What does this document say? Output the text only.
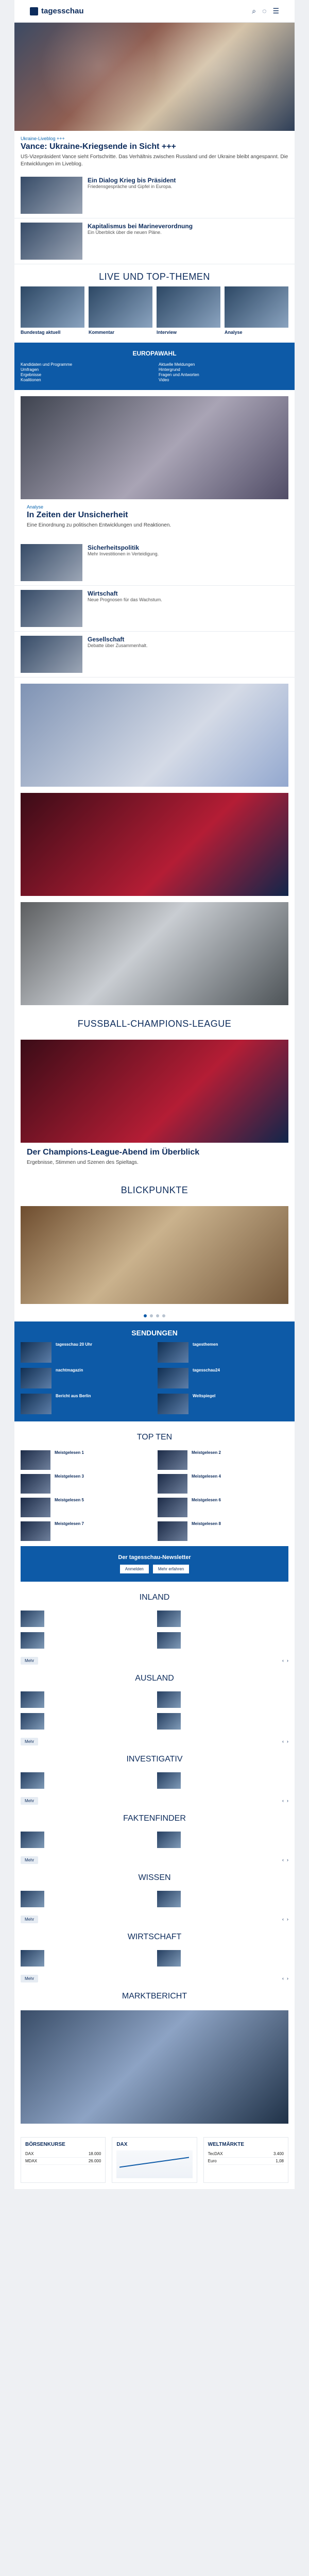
tagesschau	⌕ ◌ ☰
Ukraine-Liveblog +++
Vance: Ukraine-Kriegsende in Sicht +++
US-Vizepräsident Vance sieht Fortschritte. Das Verhältnis zwischen Russland und der Ukraine bleibt angespannt. Die Entwicklungen im Liveblog.
Ein Dialog Krieg bis Präsident
Friedensgespräche und Gipfel in Europa.
Kapitalismus bei Marineverordnung
Ein Überblick über die neuen Pläne.
LIVE UND TOP-THEMEN
Bundestag aktuell	Kommentar	Interview	Analyse
EUROPAWAHL
Kandidaten und Programme
Umfragen
Ergebnisse
Koalitionen
Aktuelle Meldungen
Hintergrund
Fragen und Antworten
Video
Analyse
In Zeiten der Unsicherheit
Eine Einordnung zu politischen Entwicklungen und Reaktionen.
Sicherheitspolitik
Mehr Investitionen in Verteidigung.
Wirtschaft
Neue Prognosen für das Wachstum.
Gesellschaft
Debatte über Zusammenhalt.
FUSSBALL-CHAMPIONS-LEAGUE
Der Champions-League-Abend im Überblick
Ergebnisse, Stimmen und Szenen des Spieltags.
BLICKPUNKTE
SENDUNGEN
tagesschau 20 Uhr	tagesthemen
nachtmagazin	tagesschau24
Bericht aus Berlin	Weltspiegel
TOP TEN
Meistgelesen 1	Meistgelesen 2
Meistgelesen 3	Meistgelesen 4
Meistgelesen 5	Meistgelesen 6
Meistgelesen 7	Meistgelesen 8
Der tagesschau-Newsletter
Anmelden	Mehr erfahren
INLAND
Mehr	‹ ›
AUSLAND
Mehr	‹ ›
INVESTIGATIV
Mehr	‹ ›
FAKTENFINDER
Mehr	‹ ›
WISSEN
Mehr	‹ ›
WIRTSCHAFT
Mehr	‹ ›
MARKTBERICHT
BÖRSENKURSE
DAX	18.000
MDAX	26.000
DAX	WELTMÄRKTE
TecDAX	3.400
Euro	1,08
